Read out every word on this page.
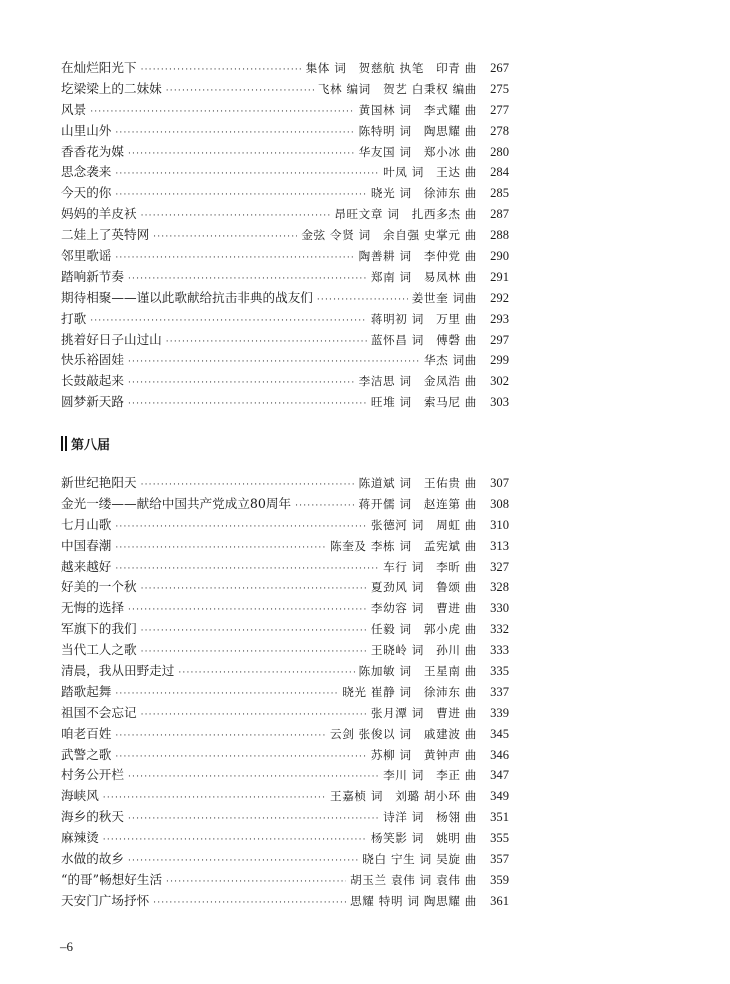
在灿烂阳光下 ·····	集体 词　贺慈航 执笔　印青 曲	267
圪梁梁上的二妹妹 ·····	飞林 编词　贺艺 白秉权 编曲	275
风景 ·····	黄国林 词　李式耀 曲	277
山里山外 ·····	陈特明 词　陶思耀 曲	278
香香花为媒 ·····	华友国 词　郑小冰 曲	280
思念袭来 ·····	叶凤 词　王达 曲	284
今天的你 ·····	晓光 词　徐沛东 曲	285
妈妈的羊皮袄 ·····	昂旺文章 词　扎西多杰 曲	287
二娃上了英特网 ·····	金弦 令贤 词　余自强 史掌元 曲	288
邻里歌谣 ·····	陶善耕 词　李仲党 曲	290
踏响新节奏 ·····	郑南 词　易凤林 曲	291
期待相聚——谨以此歌献给抗击非典的战友们 ·····	姜世奎 词曲	292
打歌 ·····	蒋明初 词　万里 曲	293
挑着好日子山过山 ·····	蓝怀昌 词　傅磬 曲	297
快乐裕固娃 ·····	华杰 词曲	299
长鼓敲起来 ·····	李洁思 词　金凤浩 曲	302
圆梦新天路 ·····	旺堆 词　索马尼 曲	303
第八届
新世纪艳阳天 ·····	陈道斌 词　王佑贵 曲	307
金光一缕——献给中国共产党成立80周年 ·····	蒋开儒 词　赵连第 曲	308
七月山歌 ·····	张德河 词　周虹 曲	310
中国春潮 ·····	陈奎及 李栋 词　孟宪斌 曲	313
越来越好 ·····	车行 词　李昕 曲	327
好美的一个秋 ·····	夏劲风 词　鲁颂 曲	328
无悔的选择 ·····	李幼容 词　曹进 曲	330
军旗下的我们 ·····	任毅 词　郭小虎 曲	332
当代工人之歌 ·····	王晓岭 词　孙川 曲	333
清晨，我从田野走过 ·····	陈加敏 词　王星南 曲	335
踏歌起舞 ·····	晓光 崔静 词　徐沛东 曲	337
祖国不会忘记 ·····	张月潭 词　曹进 曲	339
咱老百姓 ·····	云剑 张俊以 词　戚建波 曲	345
武警之歌 ·····	苏柳 词　黄钟声 曲	346
村务公开栏 ·····	李川 词　李正 曲	347
海峡风 ·····	王嘉桢 词　刘璐 胡小环 曲	349
海乡的秋天 ·····	诗洋 词　杨翎 曲	351
麻辣烫 ·····	杨笑影 词　姚明 曲	355
水做的故乡 ·····	晓白 宁生 词 吴旋 曲	357
“的哥”畅想好生活 ·····	胡玉兰 袁伟 词 袁伟 曲	359
天安门广场抒怀 ·····	思耀 特明 词 陶思耀 曲	361
–6
